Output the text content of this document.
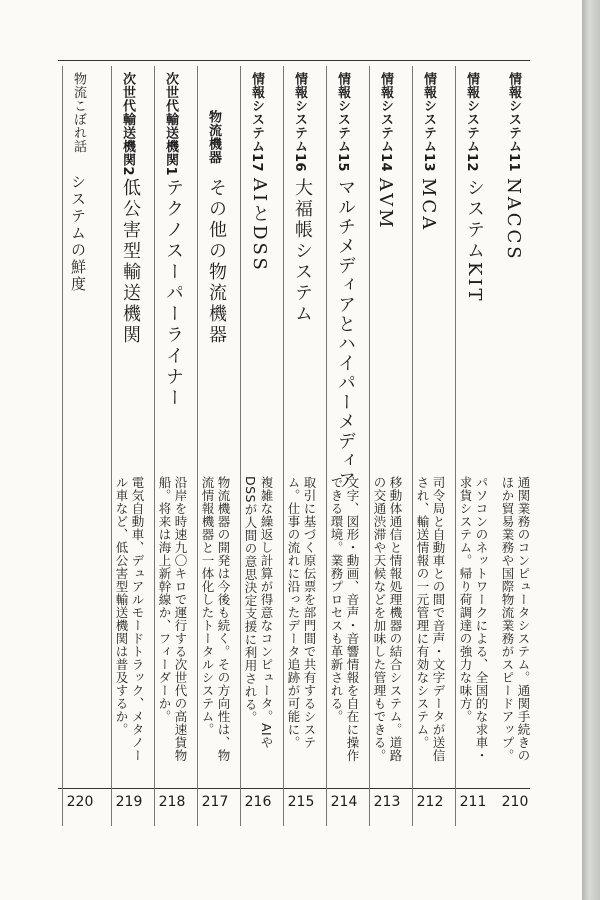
情報システム11
NACCS
通関業務のコンピュータシステム。通関手続きの
ほか貿易業務や国際物流業務がスピードアップ。
210
情報システム12
システムKIT
パソコンのネットワークによる、全国的な求車・
求貨システム。帰り荷調達の強力な味方。
211
情報システム13
MCA
司令局と自動車との間で音声・文字データが送信
され、輸送情報の一元管理に有効なシステム。
212
情報システム14
AVM
移動体通信と情報処理機器の結合システム。道路
の交通渋滞や天候などを加味した管理もできる。
213
情報システム15
マルチメディアとハイパーメディア
文字、図形・動画、音声・音響情報を自在に操作
できる環境。業務プロセスも革新される。
214
情報システム16
大福帳システム
取引に基づく原伝票を部門間で共有するシステ
ム。仕事の流れに沿ったデータ追跡が可能に。
215
情報システム17
AIとDSS
複雑な繰返し計算が得意なコンピュータ。AIや
DSSが人間の意思決定支援に利用される。
216
物流機器
その他の物流機器
物流機器の開発は今後も続く。その方向性は、物
流情報機器と一体化したトータルシステム。
217
次世代輸送機関1
テクノスーパーライナー
沿岸を時速九〇キロで運行する次世代の高速貨物
船。将来は海上新幹線か、フィーダーか。
218
次世代輸送機関2
低公害型輸送機関
電気自動車、デュアルモードトラック、メタノー
ル車など、低公害型輸送機関は普及するか。
219
物流こぼれ話
システムの鮮度
220
